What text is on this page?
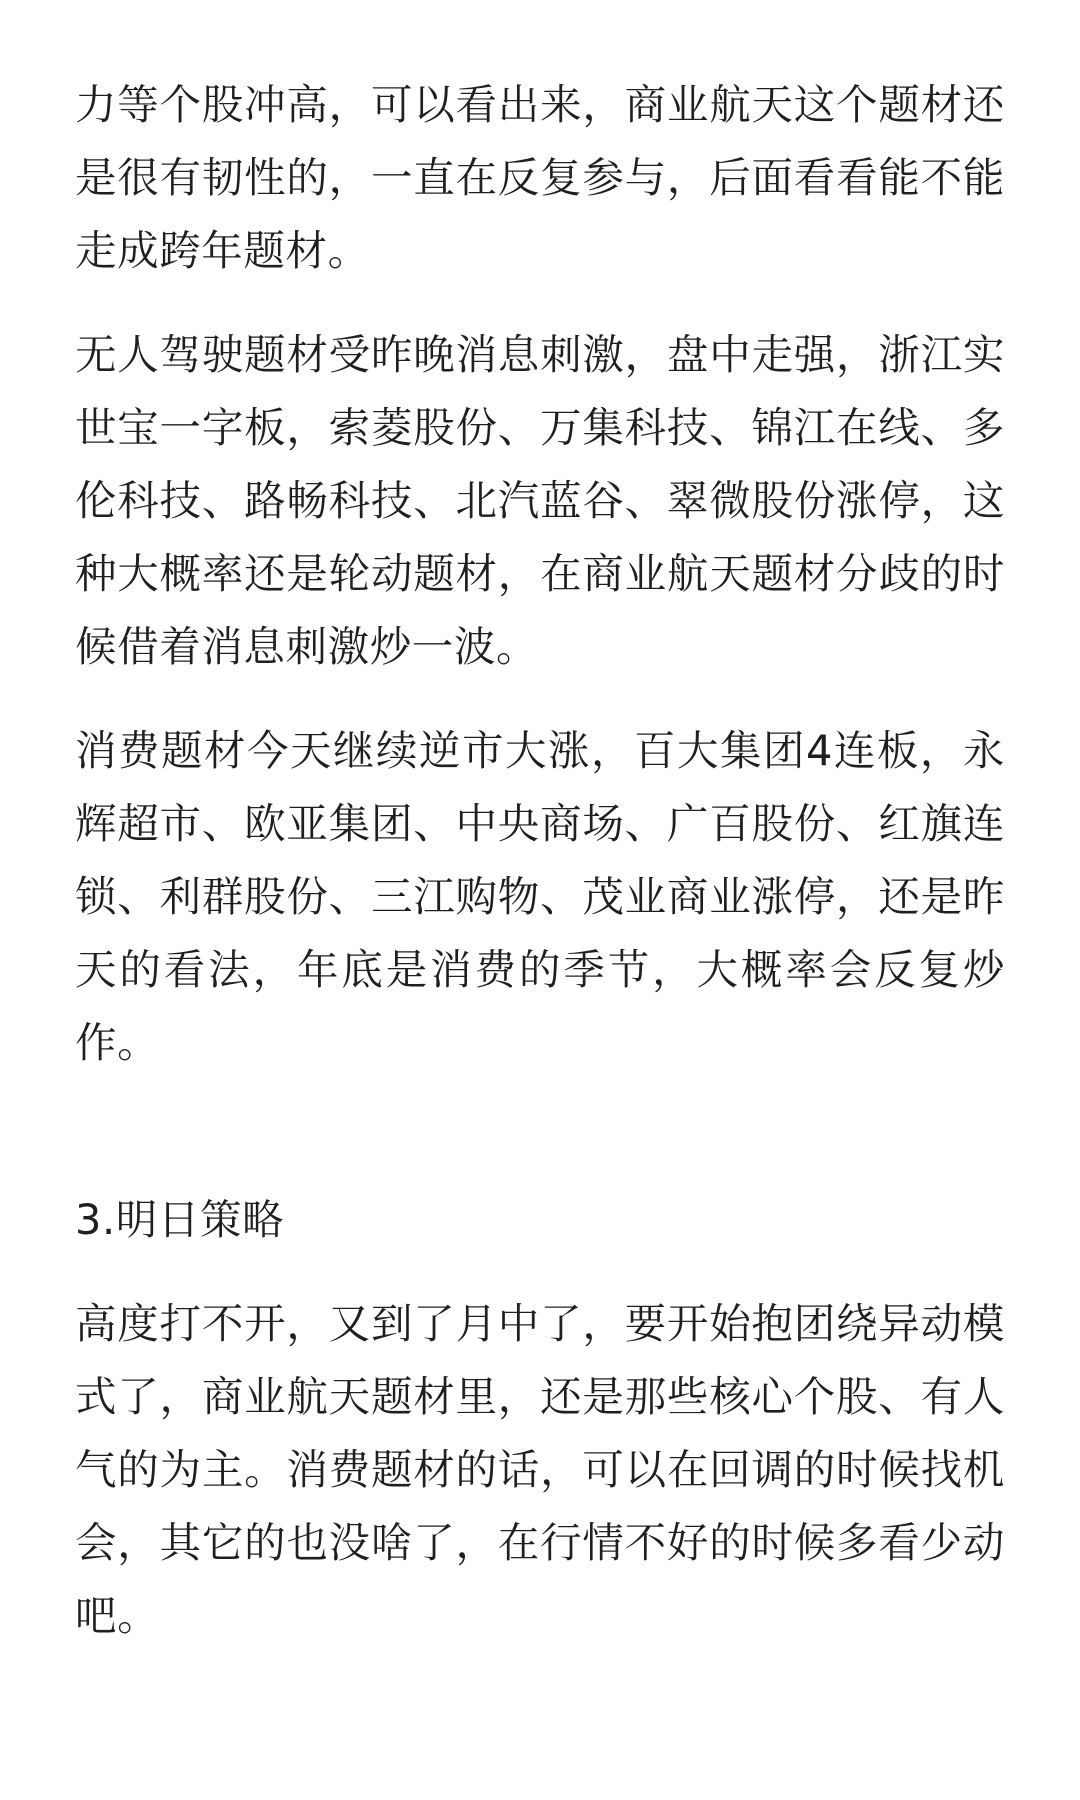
力等个股冲高，可以看出来，商业航天这个题材还是很有韧性的，一直在反复参与，后面看看能不能走成跨年题材。

无人驾驶题材受昨晚消息刺激，盘中走强，浙江实世宝一字板，索菱股份、万集科技、锦江在线、多伦科技、路畅科技、北汽蓝谷、翠微股份涨停，这种大概率还是轮动题材，在商业航天题材分歧的时候借着消息刺激炒一波。

消费题材今天继续逆市大涨，百大集团4连板，永辉超市、欧亚集团、中央商场、广百股份、红旗连锁、利群股份、三江购物、茂业商业涨停，还是昨天的看法，年底是消费的季节，大概率会反复炒作。

3.明日策略

高度打不开，又到了月中了，要开始抱团绕异动模式了，商业航天题材里，还是那些核心个股、有人气的为主。消费题材的话，可以在回调的时候找机会，其它的也没啥了，在行情不好的时候多看少动吧。
